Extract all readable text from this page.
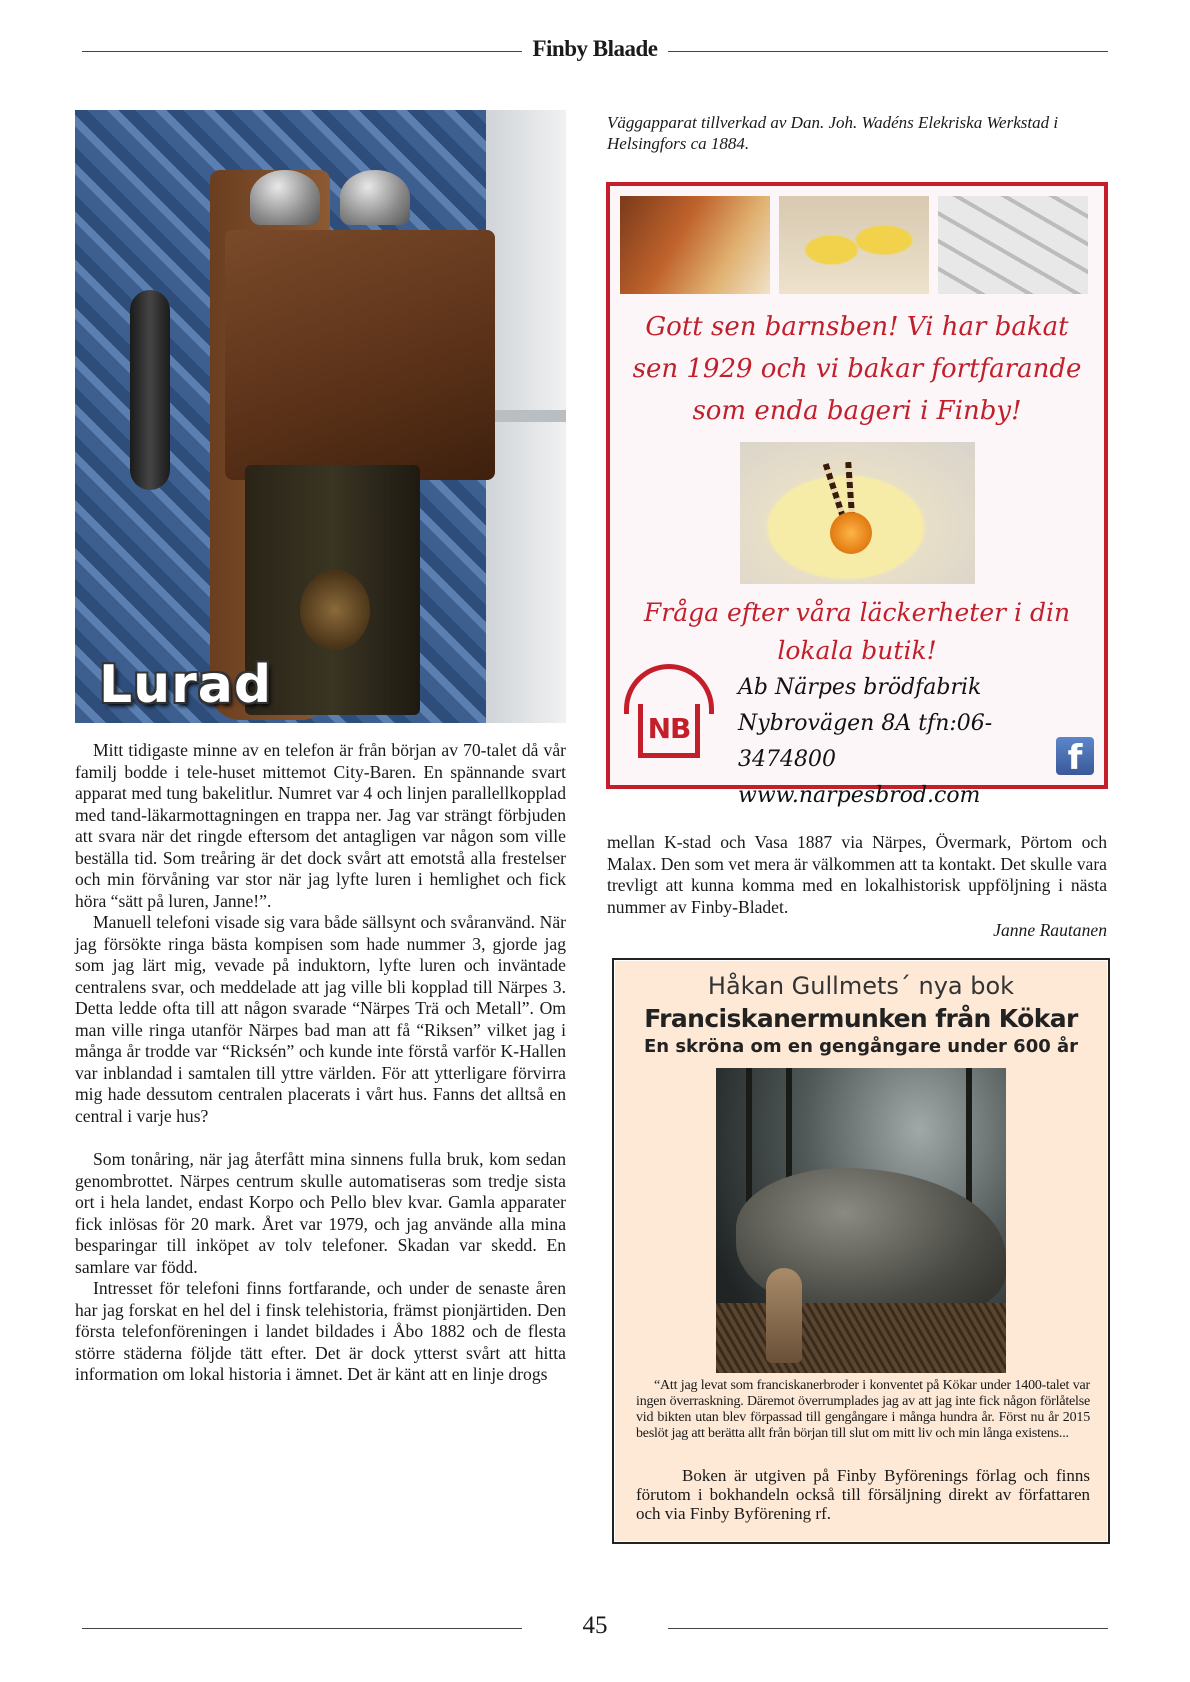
Finby Blaade
Lurad
Väggapparat tillverkad av Dan. Joh. Wadéns Elekriska Werkstad i Helsingfors ca 1884.
Gott sen barnsben! Vi har bakat sen 1929 och vi bakar fortfarande som enda bageri i Finby!
Fråga efter våra läckerheter i din lokala butik!
NB
Ab Närpes brödfabrik
Nybrovägen 8A tfn:06-3474800
www.narpesbrod.com
f

Mitt tidigaste minne av en telefon är från början av 70-talet då vår familj bodde i tele-huset mittemot City-Baren. En spännande svart apparat med tung bakelitlur. Numret var 4 och linjen parallellkopplad med tand-läkarmottagningen en trappa ner. Jag var strängt förbjuden att svara när det ringde eftersom det antagligen var någon som ville beställa tid. Som treåring är det dock svårt att emotstå alla frestelser och min förvåning var stor när jag lyfte luren i hemlighet och fick höra “sätt på luren, Janne!”.

Manuell telefoni visade sig vara både sällsynt och svåranvänd. När jag försökte ringa bästa kompisen som hade nummer 3, gjorde jag som jag lärt mig, vevade på induktorn, lyfte luren och inväntade centralens svar, och meddelade att jag ville bli kopplad till Närpes 3. Detta ledde ofta till att någon svarade “Närpes Trä och Metall”. Om man ville ringa utanför Närpes bad man att få “Riksen” vilket jag i många år trodde var “Ricksén” och kunde inte förstå varför K-Hallen var inblandad i samtalen till yttre världen. För att ytterligare förvirra mig hade dessutom centralen placerats i vårt hus. Fanns det alltså en central i varje hus?

Som tonåring, när jag återfått mina sinnens fulla bruk, kom sedan genombrottet. Närpes centrum skulle automatiseras som tredje sista ort i hela landet, endast Korpo och Pello blev kvar. Gamla apparater fick inlösas för 20 mark. Året var 1979, och jag använde alla mina besparingar till inköpet av tolv telefoner. Skadan var skedd. En samlare var född.

Intresset för telefoni finns fortfarande, och under de senaste åren har jag forskat en hel del i finsk telehistoria, främst pionjärtiden. Den första telefonföreningen i landet bildades i Åbo 1882 och de flesta större städerna följde tätt efter. Det är dock ytterst svårt att hitta information om lokal historia i ämnet. Det är känt att en linje drogs

mellan K-stad och Vasa 1887 via Närpes, Övermark, Pörtom och Malax. Den som vet mera är välkommen att ta kontakt. Det skulle vara trevligt att kunna komma med en lokalhistorisk uppföljning i nästa nummer av Finby-Bladet.
Janne Rautanen
Håkan Gullmets´ nya bok
Franciskanermunken från Kökar
En skröna om en gengångare under 600 år

“Att jag levat som franciskanerbroder i konventet på Kökar under 1400-talet var ingen överraskning. Däremot överrumplades jag av att jag inte fick någon förlåtelse vid bikten utan blev förpassad till gengångare i många hundra år. Först nu år 2015 beslöt jag att berätta allt från början till slut om mitt liv och min långa existens...

Boken är utgiven på Finby Byförenings förlag och finns förutom i bokhandeln också till försäljning direkt av författaren och via Finby Byförening rf.

45
